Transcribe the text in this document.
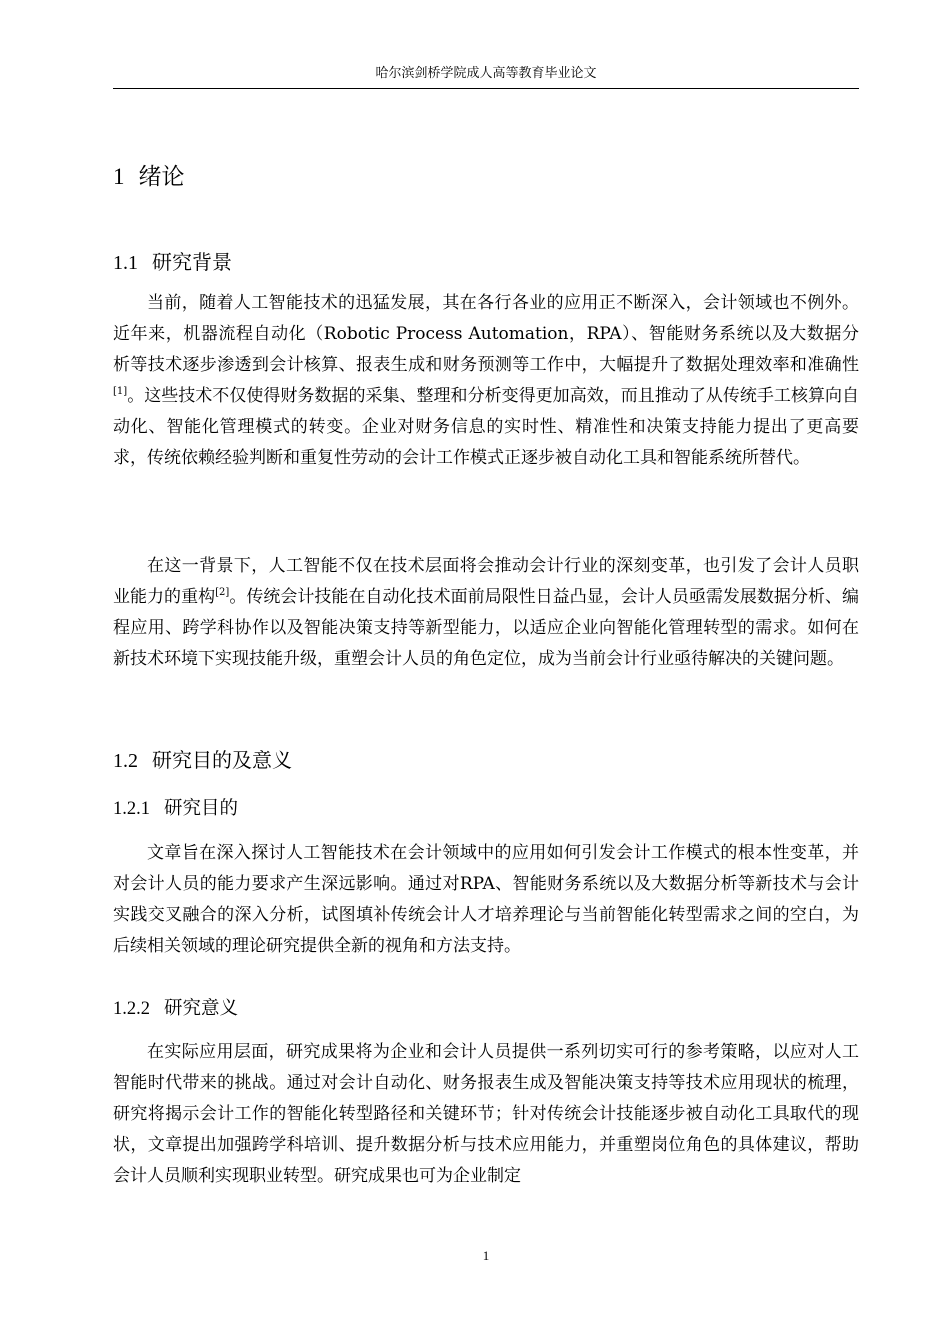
哈尔滨剑桥学院成人高等教育毕业论文
1 绪论
1.1 研究背景

当前，随着人工智能技术的迅猛发展，其在各行各业的应用正不断深入，会计领域也不例外。近年来，机器流程自动化（Robotic Process Automation，RPA）、智能财务系统以及大数据分析等技术逐步渗透到会计核算、报表生成和财务预测等工作中，大幅提升了数据处理效率和准确性[1]。这些技术不仅使得财务数据的采集、整理和分析变得更加高效，而且推动了从传统手工核算向自动化、智能化管理模式的转变。企业对财务信息的实时性、精准性和决策支持能力提出了更高要求，传统依赖经验判断和重复性劳动的会计工作模式正逐步被自动化工具和智能系统所替代。

在这一背景下，人工智能不仅在技术层面将会推动会计行业的深刻变革，也引发了会计人员职业能力的重构[2]。传统会计技能在自动化技术面前局限性日益凸显，会计人员亟需发展数据分析、编程应用、跨学科协作以及智能决策支持等新型能力，以适应企业向智能化管理转型的需求。如何在新技术环境下实现技能升级，重塑会计人员的角色定位，成为当前会计行业亟待解决的关键问题。

1.2 研究目的及意义
1.2.1 研究目的

文章旨在深入探讨人工智能技术在会计领域中的应用如何引发会计工作模式的根本性变革，并对会计人员的能力要求产生深远影响。通过对RPA、智能财务系统以及大数据分析等新技术与会计实践交叉融合的深入分析，试图填补传统会计人才培养理论与当前智能化转型需求之间的空白，为后续相关领域的理论研究提供全新的视角和方法支持。

1.2.2 研究意义

在实际应用层面，研究成果将为企业和会计人员提供一系列切实可行的参考策略，以应对人工智能时代带来的挑战。通过对会计自动化、财务报表生成及智能决策支持等技术应用现状的梳理，研究将揭示会计工作的智能化转型路径和关键环节；针对传统会计技能逐步被自动化工具取代的现状，文章提出加强跨学科培训、提升数据分析与技术应用能力，并重塑岗位角色的具体建议，帮助会计人员顺利实现职业转型。研究成果也可为企业制定

1
